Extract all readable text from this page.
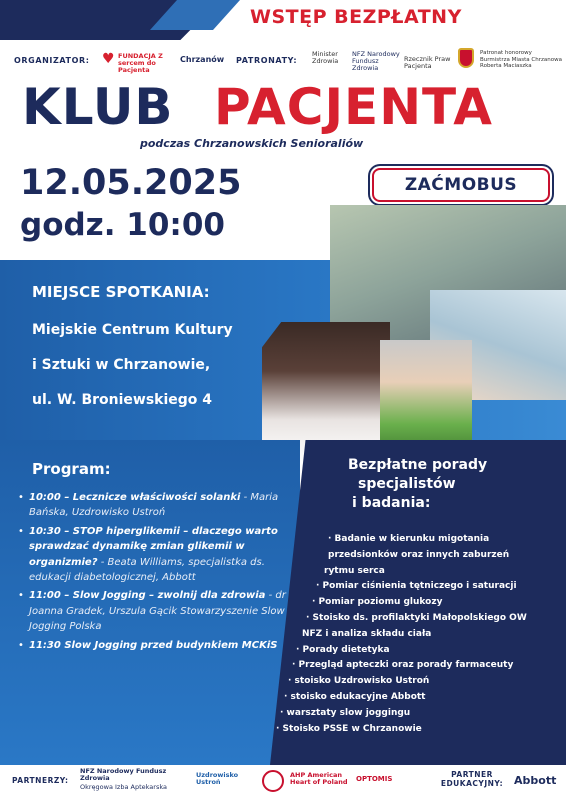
WSTĘP BEZPŁATNY
ORGANIZATOR: ♥ FUNDACJA Z sercem do Pacjenta
Chrzanów PATRONATY:
Minister Zdrowia
NFZ Narodowy Fundusz Zdrowia
Rzecznik Praw Pacjenta
Patronat honorowy Burmistrza Miasta Chrzanowa Roberta Maciaszka
KLUB PACJENTA
podczas Chrzanowskich Senioraliów
12.05.2025
godz. 10:00
ZAĆMOBUS
MIEJSCE SPOTKANIA:
Miejskie Centrum Kultury
i Sztuki w Chrzanowie,
ul. W. Broniewskiego 4
Program:
• 10:00 – Lecznicze właściwości solanki - Maria Bańska, Uzdrowisko Ustroń
• 10:30 – STOP hiperglikemii – dlaczego warto sprawdzać dynamikę zmian glikemii w organizmie? - Beata Williams, specjalistka ds. edukacji diabetologicznej, Abbott
• 11:00 – Slow Jogging – zwolnij dla zdrowia - dr Joanna Gradek, Urszula Gącik Stowarzyszenie Slow Jogging Polska
• 11:30 Slow Jogging przed budynkiem MCKiS
Bezpłatne porady
specjalistów
i badania:
· Badanie w kierunku migotania
przedsionków oraz innych zaburzeń
rytmu serca
· Pomiar ciśnienia tętniczego i saturacji
· Pomiar poziomu glukozy
· Stoisko ds. profilaktyki Małopolskiego OW
NFZ i analiza składu ciała
· Porady dietetyka
· Przegląd apteczki oraz porady farmaceuty
· stoisko Uzdrowisko Ustroń
· stoisko edukacyjne Abbott
· warsztaty slow joggingu
· Stoisko PSSE w Chrzanowie
PARTNERZY:
NFZ Narodowy Fundusz Zdrowia
Okręgowa Izba Aptekarska
Uzdrowisko Ustroń
AHP American Heart of Poland	OPTOMIS	PARTNER EDUKACYJNY: Abbott
